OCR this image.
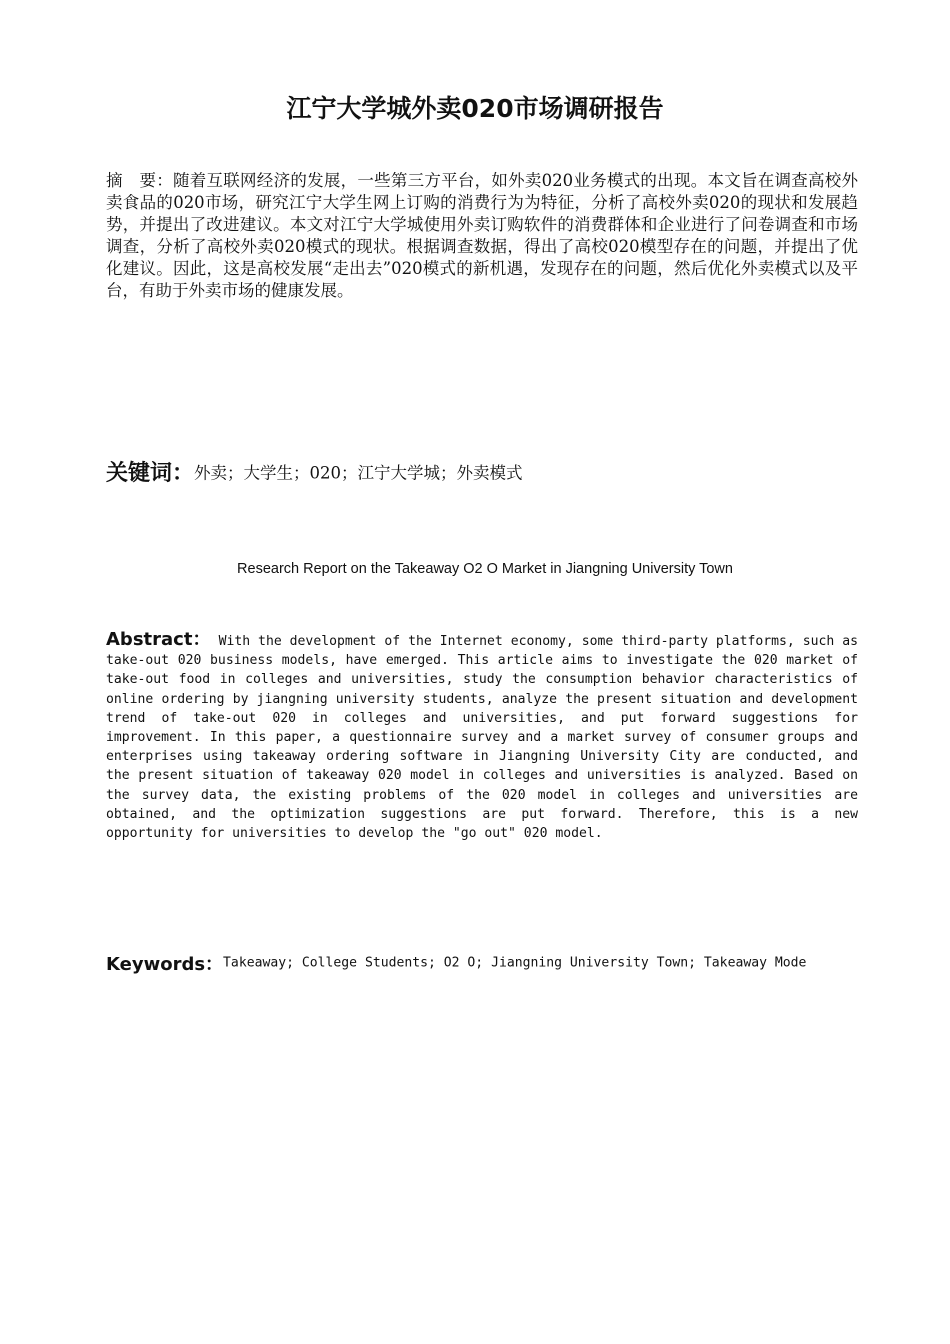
江宁大学城外卖020市场调研报告

摘　要：随着互联网经济的发展，一些第三方平台，如外卖020业务模式的出现。本文旨在调查高校外卖食品的020市场，研究江宁大学生网上订购的消费行为为特征，分析了高校外卖020的现状和发展趋势，并提出了改进建议。本文对江宁大学城使用外卖订购软件的消费群体和企业进行了问卷调查和市场调查，分析了高校外卖020模式的现状。根据调查数据，得出了高校020模型存在的问题，并提出了优化建议。因此，这是高校发展“走出去”020模式的新机遇，发现存在的问题，然后优化外卖模式以及平台，有助于外卖市场的健康发展。

关键词：外卖；大学生；020；江宁大学城；外卖模式

Research Report on the Takeaway O2 O Market in Jiangning University Town

Abstract： With the development of the Internet economy, some third-party platforms, such as take-out 020 business models, have emerged. This article aims to investigate the 020 market of take-out food in colleges and universities, study the consumption behavior characteristics of online ordering by jiangning university students, analyze the present situation and development trend of take-out 020 in colleges and universities, and put forward suggestions for improvement. In this paper, a questionnaire survey and a market survey of consumer groups and enterprises using takeaway ordering software in Jiangning University City are conducted, and the present situation of takeaway 020 model in colleges and universities is analyzed. Based on the survey data, the existing problems of the 020 model in colleges and universities are obtained, and the optimization suggestions are put forward. Therefore, this is a new opportunity for universities to develop the "go out" 020 model.

Keywords：Takeaway; College Students; O2 O; Jiangning University Town; Takeaway Mode
